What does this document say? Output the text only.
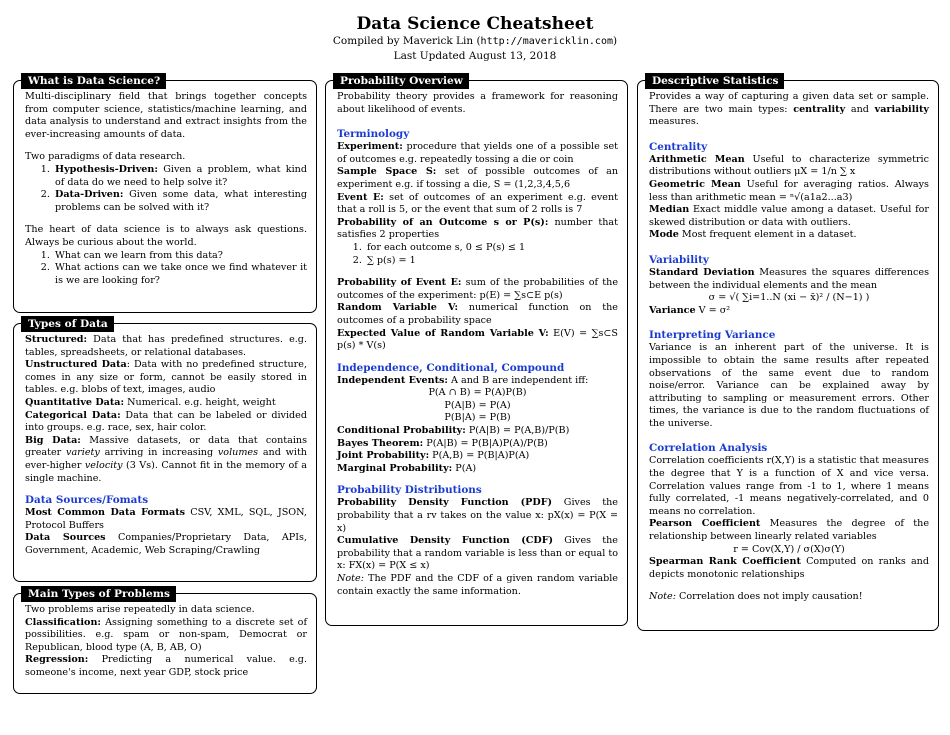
Data Science Cheatsheet
Compiled by Maverick Lin (http://mavericklin.com)
Last Updated August 13, 2018
What is Data Science?

Multi-disciplinary field that brings together concepts from computer science, statistics/machine learning, and data analysis to understand and extract insights from the ever-increasing amounts of data.

Two paradigms of data research.

1. Hypothesis-Driven: Given a problem, what kind of data do we need to help solve it?
2. Data-Driven: Given some data, what interesting problems can be solved with it?

The heart of data science is to always ask questions. Always be curious about the world.

1. What can we learn from this data?
2. What actions can we take once we find whatever it is we are looking for?
Types of Data

Structured: Data that has predefined structures. e.g. tables, spreadsheets, or relational databases.

Unstructured Data: Data with no predefined structure, comes in any size or form, cannot be easily stored in tables. e.g. blobs of text, images, audio

Quantitative Data: Numerical. e.g. height, weight

Categorical Data: Data that can be labeled or divided into groups. e.g. race, sex, hair color.

Big Data: Massive datasets, or data that contains greater variety arriving in increasing volumes and with ever-higher velocity (3 Vs). Cannot fit in the memory of a single machine.

Data Sources/Fomats

Most Common Data Formats CSV, XML, SQL, JSON, Protocol Buffers

Data Sources Companies/Proprietary Data, APIs, Government, Academic, Web Scraping/Crawling

Main Types of Problems

Two problems arise repeatedly in data science.

Classification: Assigning something to a discrete set of possibilities. e.g. spam or non-spam, Democrat or Republican, blood type (A, B, AB, O)

Regression: Predicting a numerical value. e.g. someone's income, next year GDP, stock price

Probability Overview

Probability theory provides a framework for reasoning about likelihood of events.

Terminology

Experiment: procedure that yields one of a possible set of outcomes e.g. repeatedly tossing a die or coin

Sample Space S: set of possible outcomes of an experiment e.g. if tossing a die, S = (1,2,3,4,5,6

Event E: set of outcomes of an experiment e.g. event that a roll is 5, or the event that sum of 2 rolls is 7

Probability of an Outcome s or P(s): number that satisfies 2 properties

1. for each outcome s, 0 ≤ P(s) ≤ 1
2. ∑ p(s) = 1

Probability of Event E: sum of the probabilities of the outcomes of the experiment: p(E) = ∑s⊂E p(s)

Random Variable V: numerical function on the outcomes of a probability space

Expected Value of Random Variable V: E(V) = ∑s⊂S p(s) * V(s)

Independence, Conditional, Compound

Independent Events: A and B are independent iff:

P(A ∩ B) = P(A)P(B)

P(A|B) = P(A)

P(B|A) = P(B)

Conditional Probability: P(A|B) = P(A,B)/P(B)

Bayes Theorem: P(A|B) = P(B|A)P(A)/P(B)

Joint Probability: P(A,B) = P(B|A)P(A)

Marginal Probability: P(A)

Probability Distributions

Probability Density Function (PDF) Gives the probability that a rv takes on the value x: pX(x) = P(X = x)

Cumulative Density Function (CDF) Gives the probability that a random variable is less than or equal to x: FX(x) = P(X ≤ x)

Note: The PDF and the CDF of a given random variable contain exactly the same information.

Descriptive Statistics

Provides a way of capturing a given data set or sample. There are two main types: centrality and variability measures.

Centrality

Arithmetic Mean Useful to characterize symmetric distributions without outliers μX = 1/n ∑ x

Geometric Mean Useful for averaging ratios. Always less than arithmetic mean = ⁿ√(a1a2...a3)

Median Exact middle value among a dataset. Useful for skewed distribution or data with outliers.

Mode Most frequent element in a dataset.

Variability

Standard Deviation Measures the squares differences between the individual elements and the mean

σ = √( ∑i=1..N (xi − x̄)² / (N−1) )

Variance V = σ²

Interpreting Variance

Variance is an inherent part of the universe. It is impossible to obtain the same results after repeated observations of the same event due to random noise/error. Variance can be explained away by attributing to sampling or measurement errors. Other times, the variance is due to the random fluctuations of the universe.

Correlation Analysis

Correlation coefficients r(X,Y) is a statistic that measures the degree that Y is a function of X and vice versa. Correlation values range from -1 to 1, where 1 means fully correlated, -1 means negatively-correlated, and 0 means no correlation.

Pearson Coefficient Measures the degree of the relationship between linearly related variables

r = Cov(X,Y) / σ(X)σ(Y)

Spearman Rank Coefficient Computed on ranks and depicts monotonic relationships

Note: Correlation does not imply causation!
